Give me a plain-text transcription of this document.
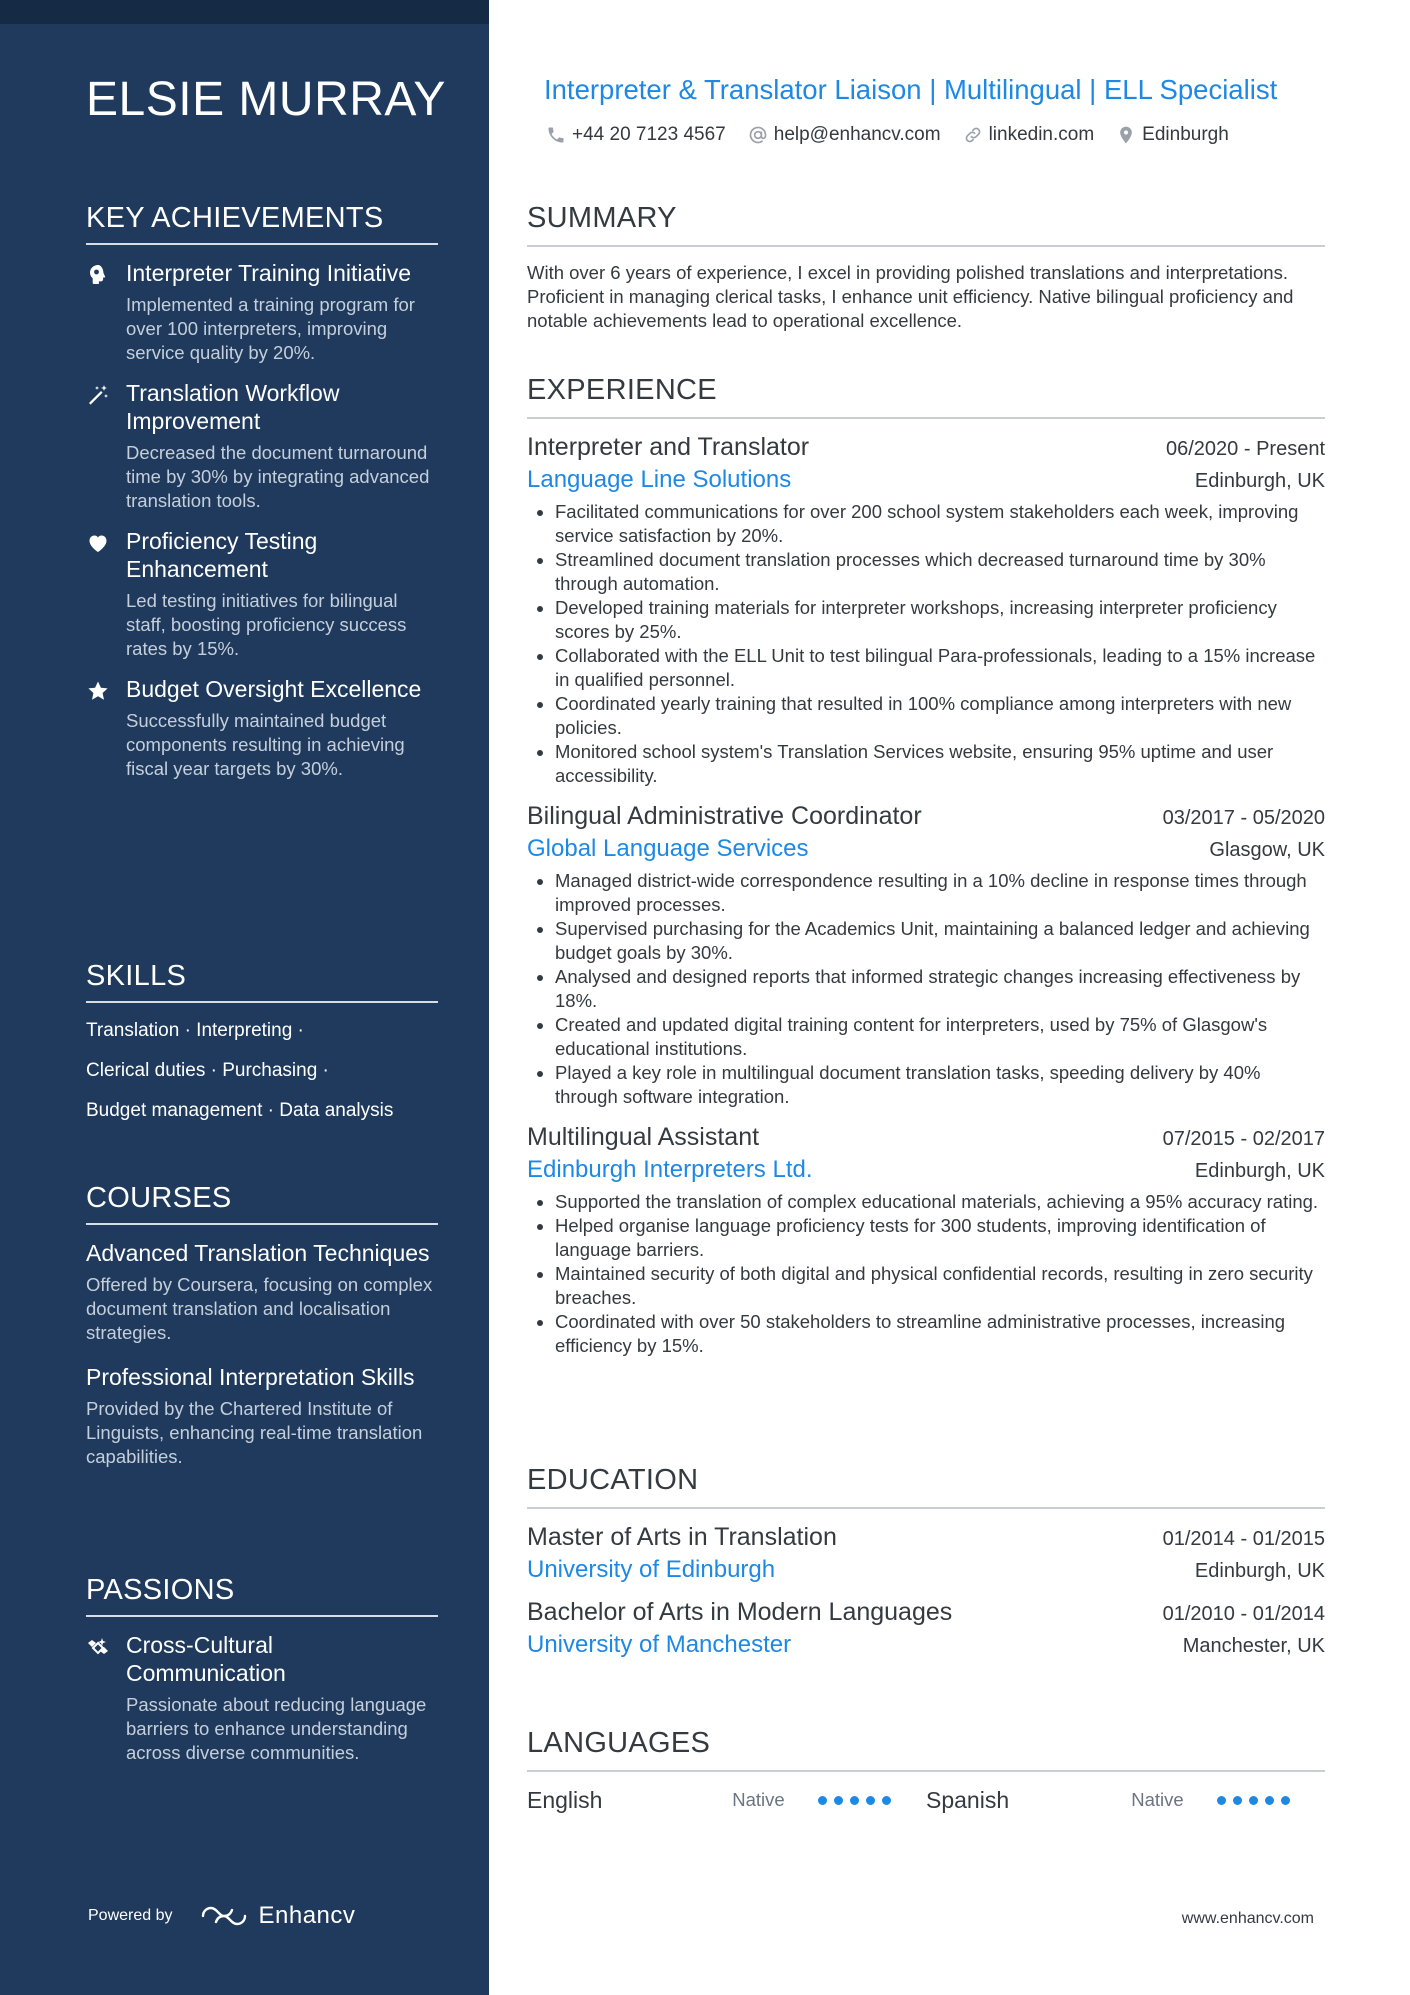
ELSIE MURRAY
KEY ACHIEVEMENTS
Interpreter Training Initiative
Implemented a training program for over 100 interpreters, improving service quality by 20%.
Translation Workflow Improvement
Decreased the document turnaround time by 30% by integrating advanced translation tools.
Proficiency Testing Enhancement
Led testing initiatives for bilingual staff, boosting proficiency success rates by 15%.
Budget Oversight Excellence
Successfully maintained budget components resulting in achieving fiscal year targets by 30%.
SKILLS
Translation · Interpreting ·
Clerical duties · Purchasing ·
Budget management · Data analysis
COURSES
Advanced Translation Techniques
Offered by Coursera, focusing on complex document translation and localisation strategies.
Professional Interpretation Skills
Provided by the Chartered Institute of Linguists, enhancing real-time translation capabilities.
PASSIONS
Cross-Cultural Communication
Passionate about reducing language barriers to enhance understanding across diverse communities.
Powered by	Enhancv
Interpreter & Translator Liaison | Multilingual | ELL Specialist
+44 20 7123 4567	help@enhancv.com	linkedin.com	Edinburgh
SUMMARY
With over 6 years of experience, I excel in providing polished translations and interpretations. Proficient in managing clerical tasks, I enhance unit efficiency. Native bilingual proficiency and notable achievements lead to operational excellence.
EXPERIENCE
Interpreter and Translator	06/2020 - Present
Language Line Solutions	Edinburgh, UK
• Facilitated communications for over 200 school system stakeholders each week, improving service satisfaction by 20%.
• Streamlined document translation processes which decreased turnaround time by 30% through automation.
• Developed training materials for interpreter workshops, increasing interpreter proficiency scores by 25%.
• Collaborated with the ELL Unit to test bilingual Para-professionals, leading to a 15% increase in qualified personnel.
• Coordinated yearly training that resulted in 100% compliance among interpreters with new policies.
• Monitored school system's Translation Services website, ensuring 95% uptime and user accessibility.
Bilingual Administrative Coordinator	03/2017 - 05/2020
Global Language Services	Glasgow, UK
• Managed district-wide correspondence resulting in a 10% decline in response times through improved processes.
• Supervised purchasing for the Academics Unit, maintaining a balanced ledger and achieving budget goals by 30%.
• Analysed and designed reports that informed strategic changes increasing effectiveness by 18%.
• Created and updated digital training content for interpreters, used by 75% of Glasgow's educational institutions.
• Played a key role in multilingual document translation tasks, speeding delivery by 40% through software integration.
Multilingual Assistant	07/2015 - 02/2017
Edinburgh Interpreters Ltd.	Edinburgh, UK
• Supported the translation of complex educational materials, achieving a 95% accuracy rating.
• Helped organise language proficiency tests for 300 students, improving identification of language barriers.
• Maintained security of both digital and physical confidential records, resulting in zero security breaches.
• Coordinated with over 50 stakeholders to streamline administrative processes, increasing efficiency by 15%.
EDUCATION
Master of Arts in Translation	01/2014 - 01/2015
University of Edinburgh	Edinburgh, UK
Bachelor of Arts in Modern Languages	01/2010 - 01/2014
University of Manchester	Manchester, UK
LANGUAGES
English	Native	Spanish	Native
www.enhancv.com
